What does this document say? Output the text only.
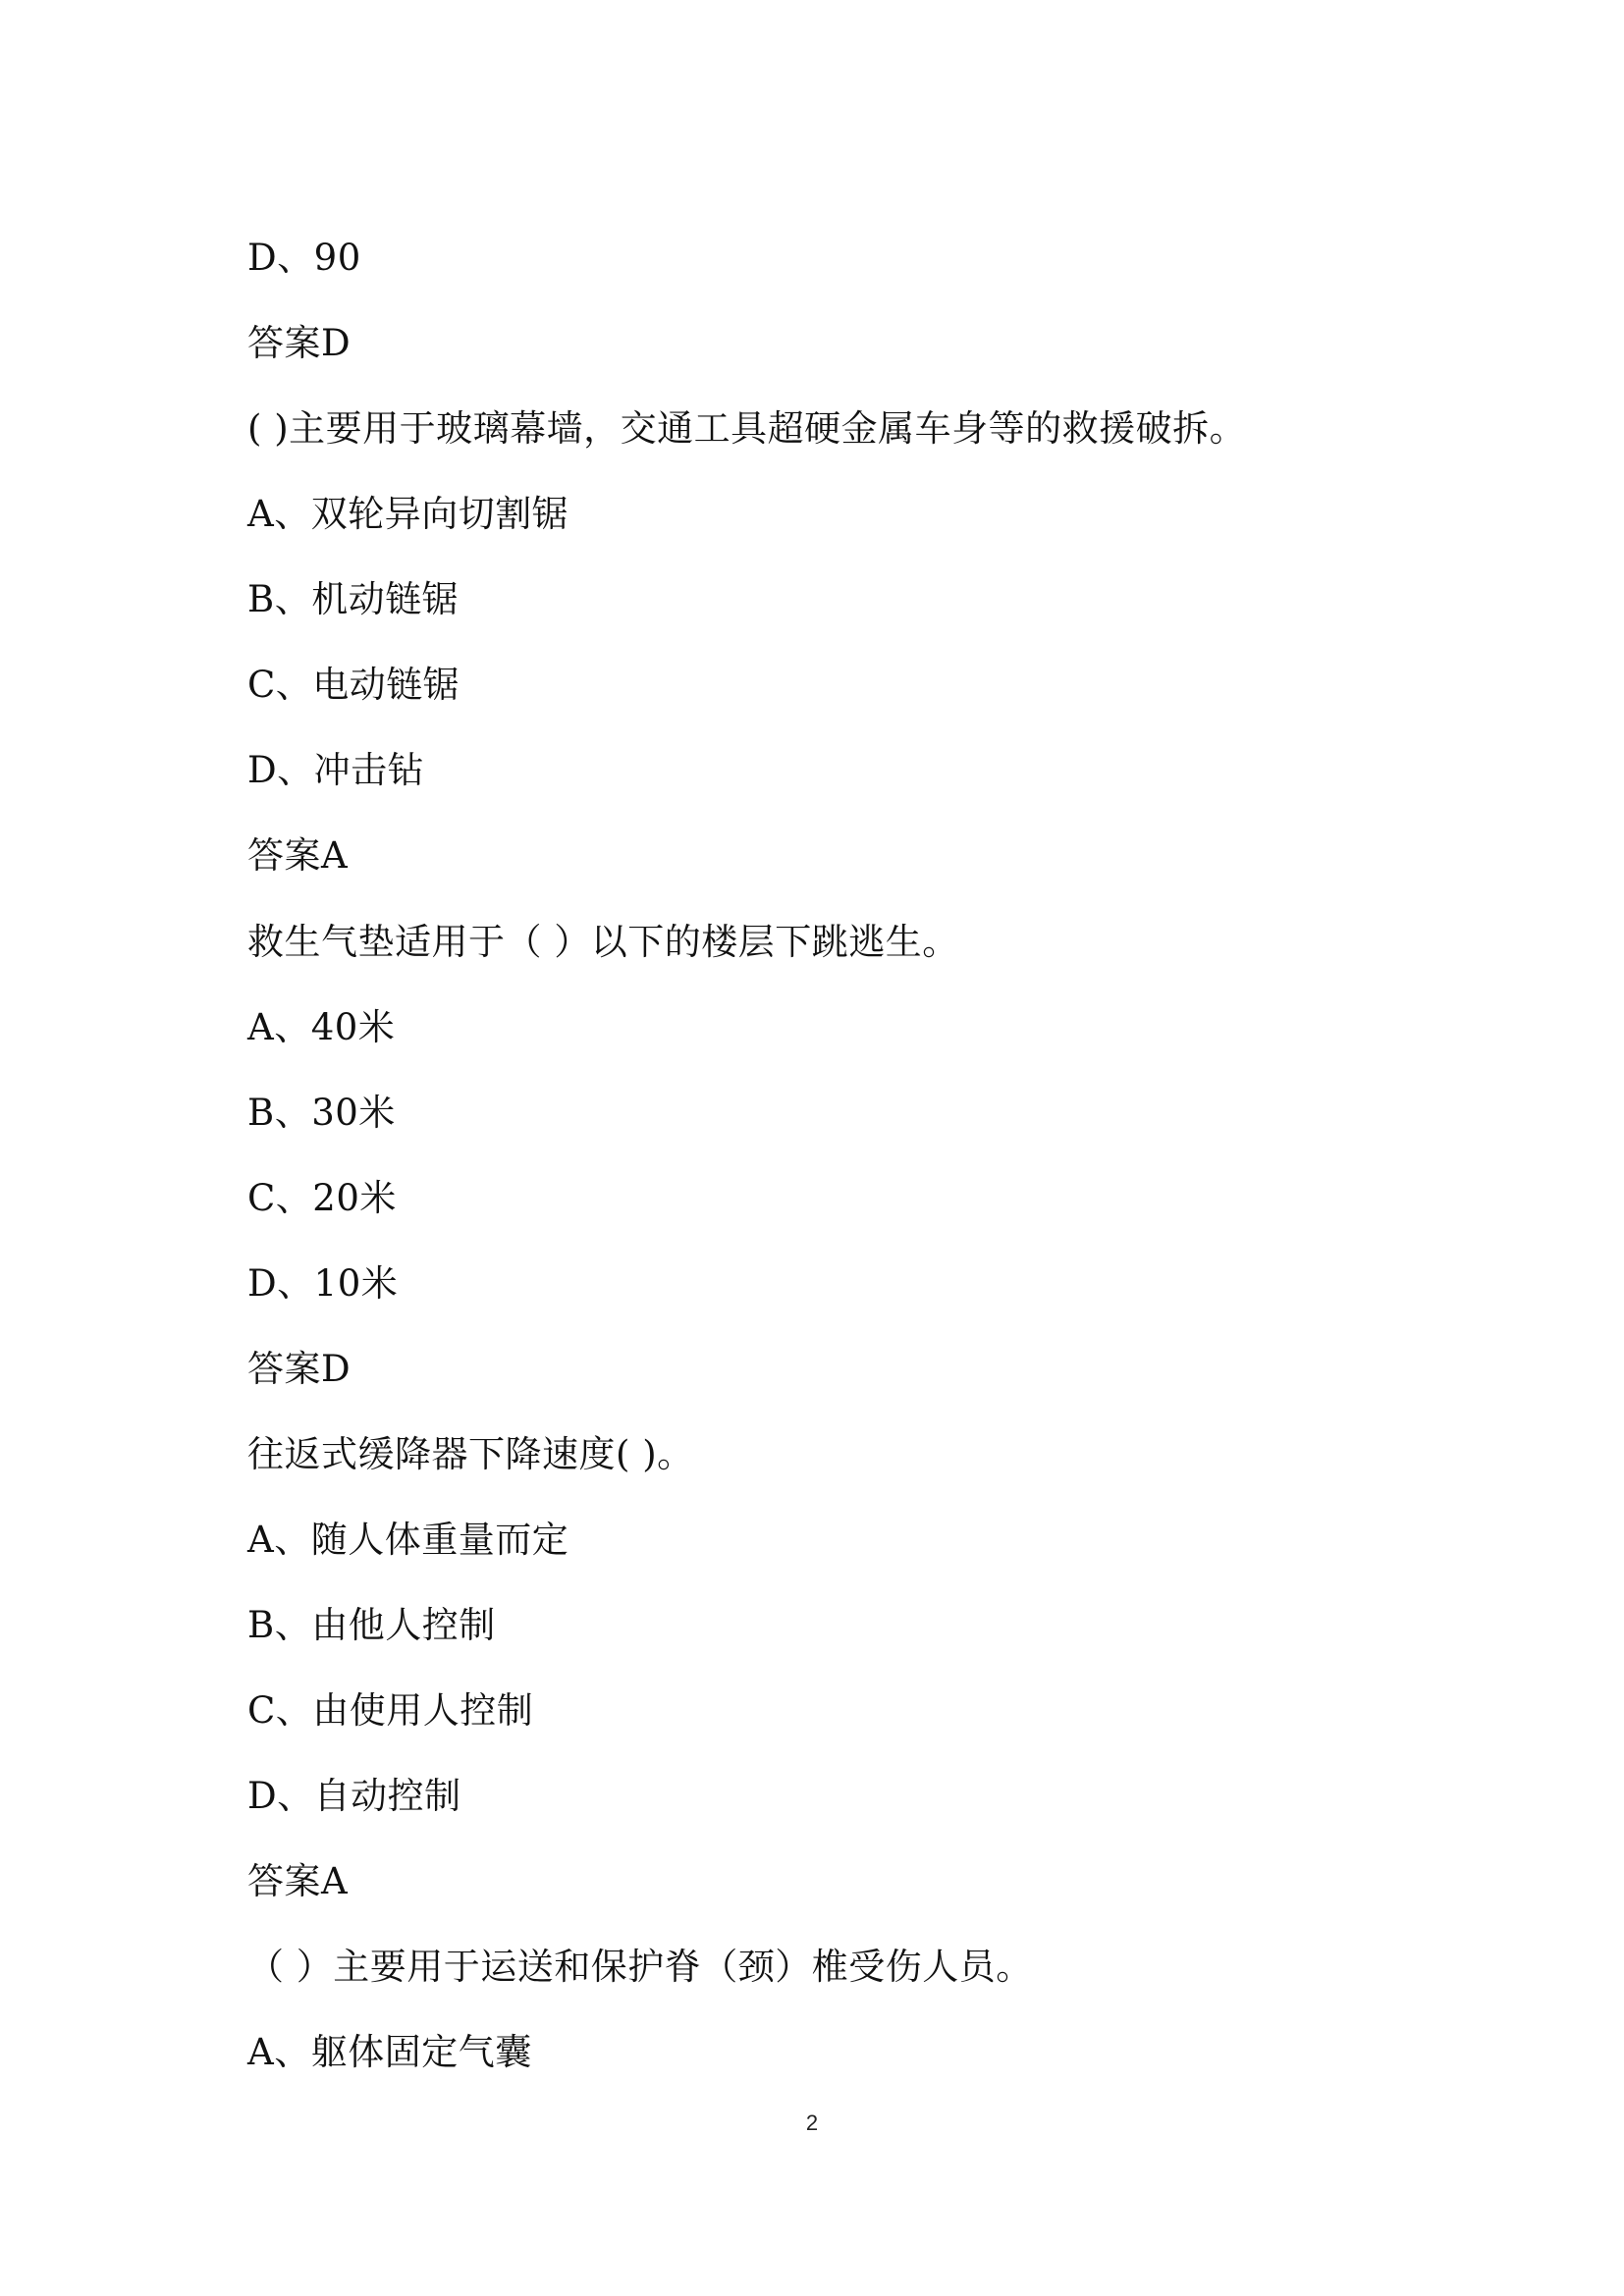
D、90
答案D
( )主要用于玻璃幕墙，交通工具超硬金属车身等的救援破拆。
A、双轮异向切割锯
B、机动链锯
C、电动链锯
D、冲击钻
答案A
救生气垫适用于（ ）以下的楼层下跳逃生。
A、40米
B、30米
C、20米
D、10米
答案D
往返式缓降器下降速度( )。
A、随人体重量而定
B、由他人控制
C、由使用人控制
D、自动控制
答案A
（ ）主要用于运送和保护脊（颈）椎受伤人员。
A、躯体固定气囊
2
